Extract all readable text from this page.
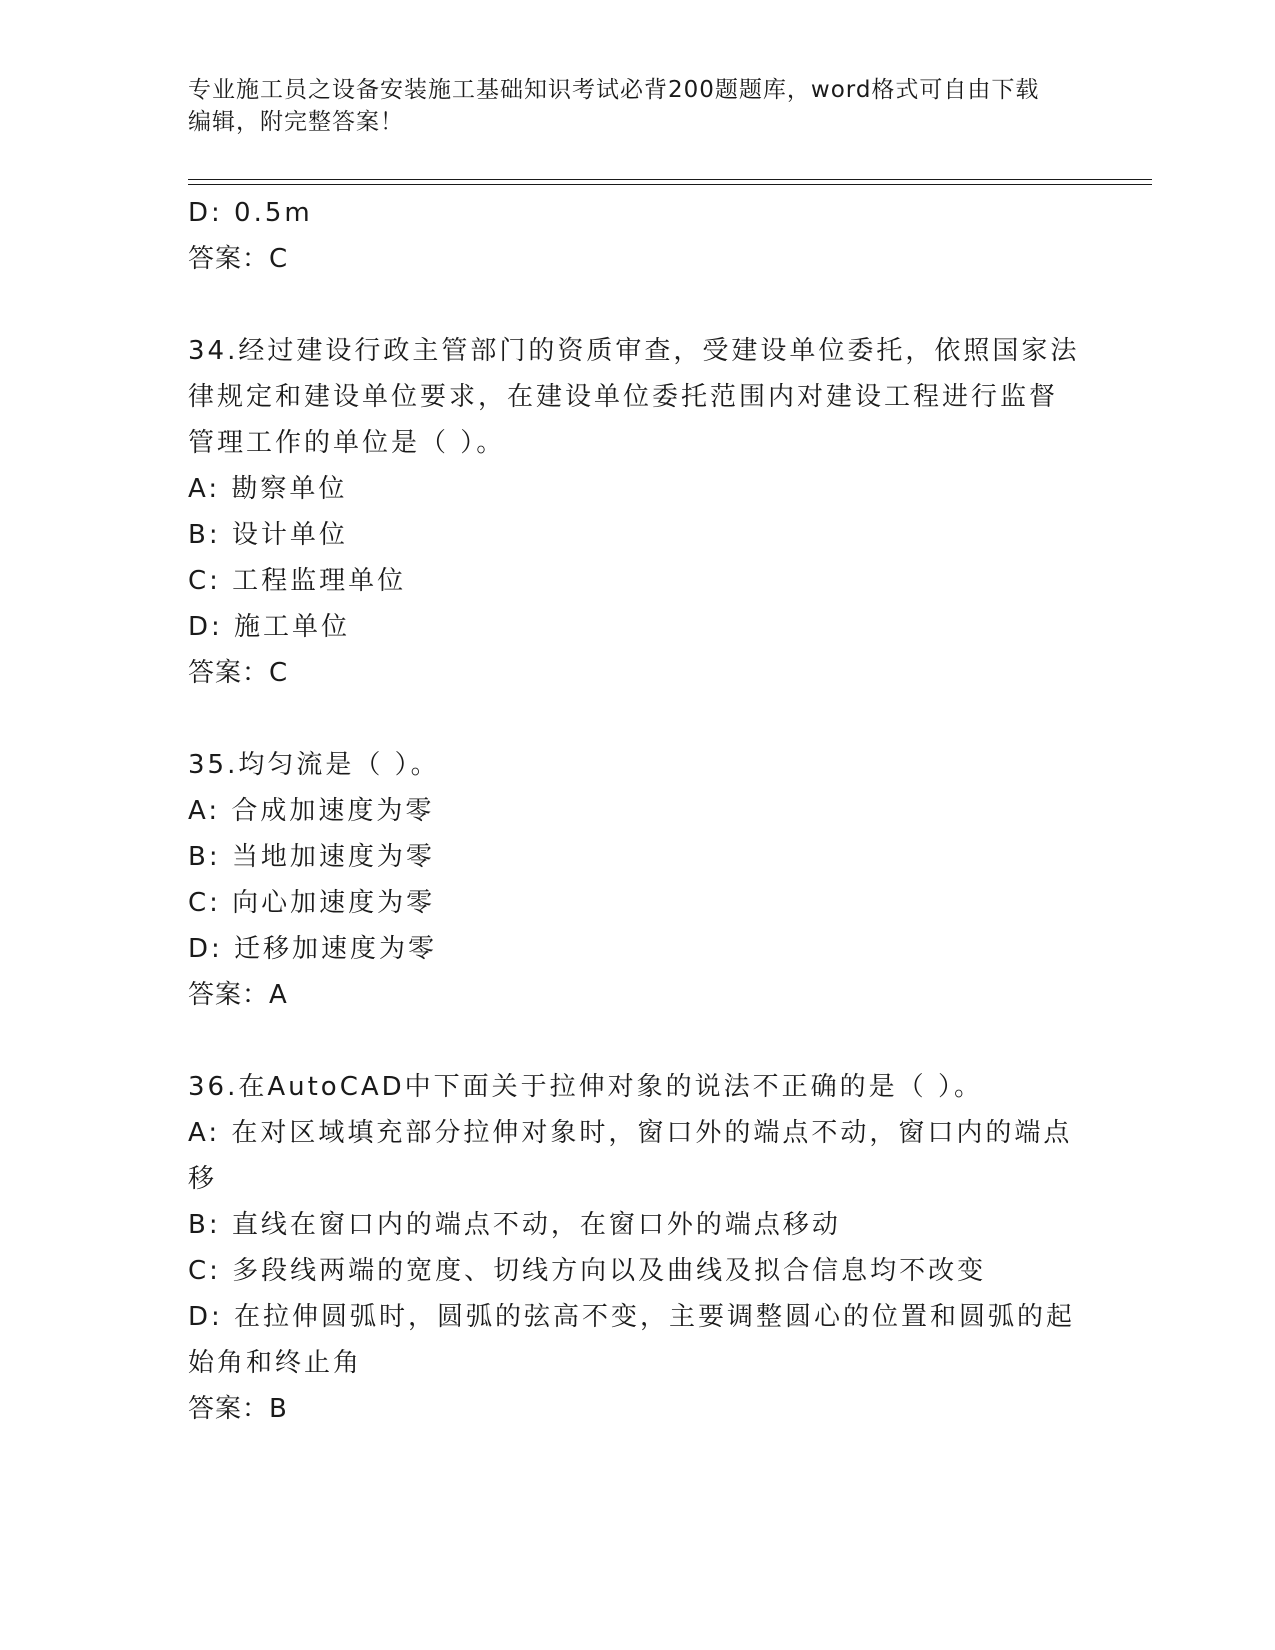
专业施工员之设备安装施工基础知识考试必背200题题库，word格式可自由下载
编辑，附完整答案！
D: 0.5m
答案：C
34.经过建设行政主管部门的资质审查，受建设单位委托，依照国家法
律规定和建设单位要求，在建设单位委托范围内对建设工程进行监督
管理工作的单位是（ ）。
A: 勘察单位
B: 设计单位
C: 工程监理单位
D: 施工单位
答案：C
35.均匀流是（ ）。
A: 合成加速度为零
B: 当地加速度为零
C: 向心加速度为零
D: 迁移加速度为零
答案：A
36.在AutoCAD中下面关于拉伸对象的说法不正确的是（ ）。
A: 在对区域填充部分拉伸对象时，窗口外的端点不动，窗口内的端点
移
B: 直线在窗口内的端点不动，在窗口外的端点移动
C: 多段线两端的宽度、切线方向以及曲线及拟合信息均不改变
D: 在拉伸圆弧时，圆弧的弦高不变，主要调整圆心的位置和圆弧的起
始角和终止角
答案：B
